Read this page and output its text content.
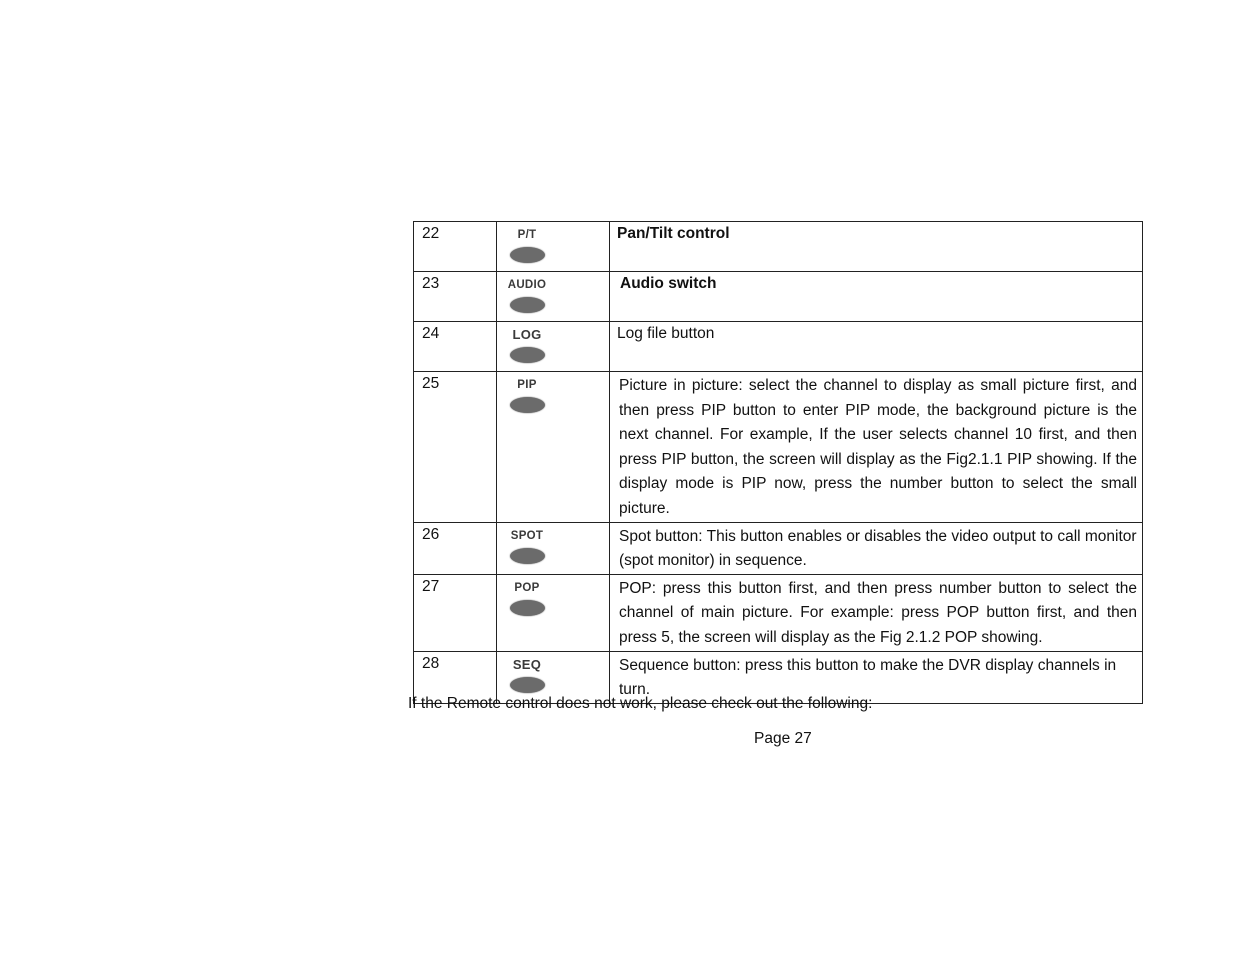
22	P/T	Pan/Tilt control
23	AUDIO	Audio switch
24	LOG	Log file button
25	PIP	Picture in picture: select the channel to display as small picture first, and then press PIP button to enter PIP mode, the background picture is the next channel. For example, If the user selects channel 10 first, and then press PIP button, the screen will display as the Fig2.1.1 PIP showing. If the display mode is PIP now, press the number button to select the small picture.
26	SPOT	Spot button: This button enables or disables the video output to call monitor (spot monitor) in sequence.
27	POP	POP: press this button first, and then press number button to select the channel of main picture. For example: press POP button first, and then press 5, the screen will display as the Fig 2.1.2 POP showing.
28	SEQ	Sequence button: press this button to make the DVR display channels in turn.
If the Remote control does not work, please check out the following:
Page 27
